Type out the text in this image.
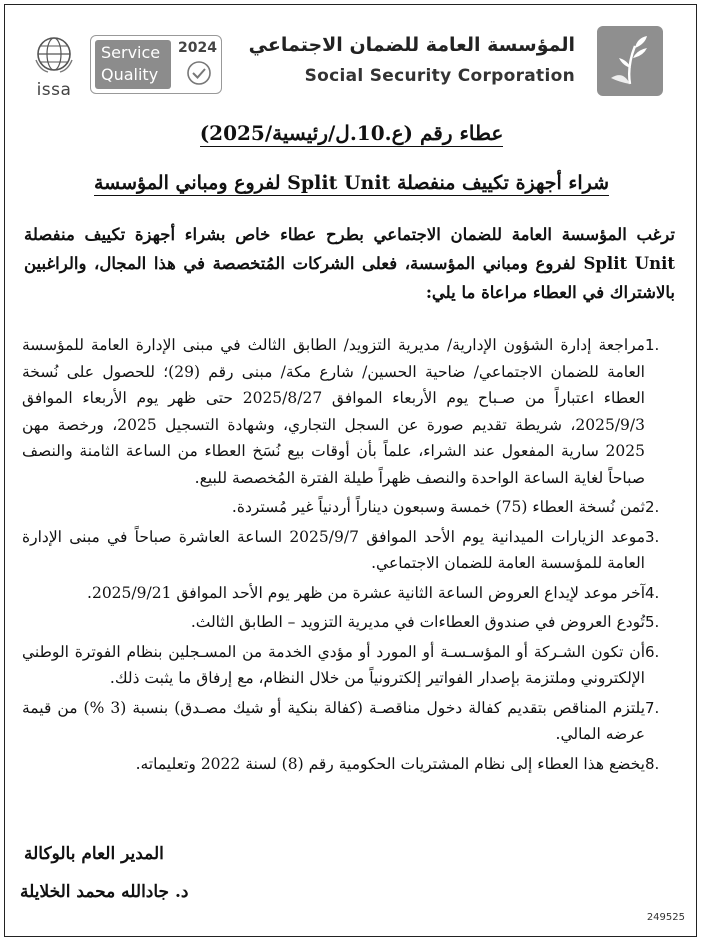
issa
Service
Quality
2024 المؤسسة العامة للضمان الاجتماعي
Social Security Corporation
عطاء رقم (ع.10.ل/رئيسية/2025)
شراء أجهزة تكييف منفصلة Split Unit لفروع ومباني المؤسسة
ترغب المؤسسة العامة للضمان الاجتماعي بطرح عطاء خاص بشراء أجهزة تكييف منفصلة Split Unit لفروع ومباني المؤسسة، فعلى الشركات المُتخصصة في هذا المجال، والراغبين بالاشتراك في العطاء مراعاة ما يلي:
.1
مراجعة إدارة الشؤون الإدارية/ مديرية التزويد/ الطابق الثالث في مبنى الإدارة العامة للمؤسسة العامة للضمان الاجتماعي/ ضاحية الحسين/ شارع مكة/ مبنى رقم (29)؛ للحصول على نُسخة العطاء اعتباراً من صـباح يوم الأربعاء الموافق 2025/8/27 حتى ظهر يوم الأربعاء الموافق 2025/9/3، شريطة تقديم صورة عن السجل التجاري، وشهادة التسجيل 2025، ورخصة مهن 2025 سارية المفعول عند الشراء، علماً بأن أوقات بيع نُسَخ العطاء من الساعة الثامنة والنصف صباحاً لغاية الساعة الواحدة والنصف ظهراً طيلة الفترة المُخصصة للبيع.
.2
ثمن نُسخة العطاء (75) خمسة وسبعون ديناراً أردنياً غير مُستردة.
.3
موعد الزيارات الميدانية يوم الأحد الموافق 2025/9/7 الساعة العاشرة صباحاً في مبنى الإدارة العامة للمؤسسة العامة للضمان الاجتماعي.
.4
آخر موعد لإيداع العروض الساعة الثانية عشرة من ظهر يوم الأحد الموافق 2025/9/21.
.5
تُودع العروض في صندوق العطاءات في مديرية التزويد – الطابق الثالث.
.6
أن تكون الشـركة أو المؤسـسـة أو المورد أو مؤدي الخدمة من المسـجلين بنظام الفوترة الوطني الإلكتروني وملتزمة بإصدار الفواتير إلكترونياً من خلال النظام، مع إرفاق ما يثبت ذلك.
.7
يلتزم المناقص بتقديم كفالة دخول مناقصـة (كفالة بنكية أو شيك مصـدق) بنسبة (3 %) من قيمة عرضه المالي.
.8
يخضع هذا العطاء إلى نظام المشتريات الحكومية رقم (8) لسنة 2022 وتعليماته.
المدير العام بالوكالة
د. جادالله محمد الخلايلة
249525
